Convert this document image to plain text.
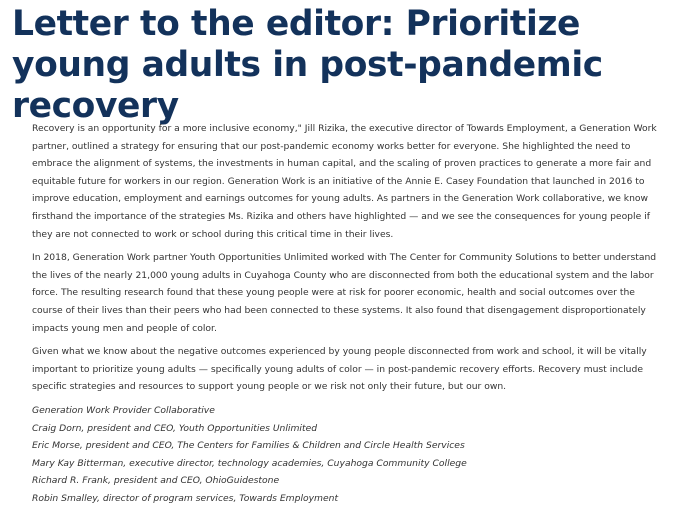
Letter to the editor: Prioritize young adults in post-pandemic recovery

Recovery is an opportunity for a more inclusive economy," Jill Rizika, the executive director of Towards Employment, a Generation Work partner, outlined a strategy for ensuring that our post-pandemic economy works better for everyone. She highlighted the need to embrace the alignment of systems, the investments in human capital, and the scaling of proven practices to generate a more fair and equitable future for workers in our region. Generation Work is an initiative of the Annie E. Casey Foundation that launched in 2016 to improve education, employment and earnings outcomes for young adults. As partners in the Generation Work collaborative, we know firsthand the importance of the strategies Ms. Rizika and others have highlighted — and we see the consequences for young people if they are not connected to work or school during this critical time in their lives.

In 2018, Generation Work partner Youth Opportunities Unlimited worked with The Center for Community Solutions to better understand the lives of the nearly 21,000 young adults in Cuyahoga County who are disconnected from both the educational system and the labor force. The resulting research found that these young people were at risk for poorer economic, health and social outcomes over the course of their lives than their peers who had been connected to these systems. It also found that disengagement disproportionately impacts young men and people of color.

Given what we know about the negative outcomes experienced by young people disconnected from work and school, it will be vitally important to prioritize young adults — specifically young adults of color — in post-pandemic recovery efforts. Recovery must include specific strategies and resources to support young people or we risk not only their future, but our own.

Generation Work Provider Collaborative
Craig Dorn, president and CEO, Youth Opportunities Unlimited
Eric Morse, president and CEO, The Centers for Families & Children and Circle Health Services
Mary Kay Bitterman, executive director, technology academies, Cuyahoga Community College
Richard R. Frank, president and CEO, OhioGuidestone
Robin Smalley, director of program services, Towards Employment
